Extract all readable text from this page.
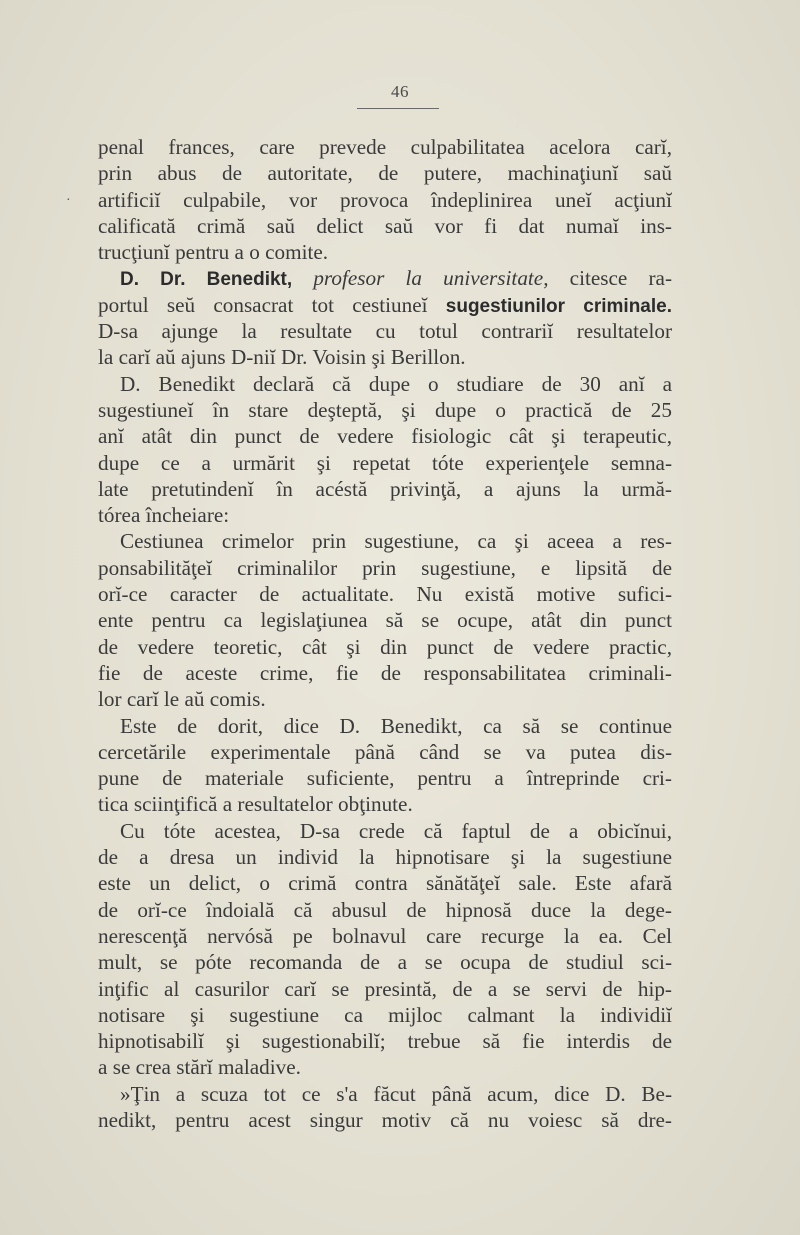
46
penal frances, care prevede culpabilitatea acelora carĭ,
prin abus de autoritate, de putere, machinaţiunĭ saŭ
artificiĭ culpabile, vor provoca îndeplinirea uneĭ acţiunĭ
calificată crimă saŭ delict saŭ vor fi dat numaĭ ins-
trucţiunĭ pentru a o comite.
D. Dr. Benedikt, profesor la universitate, citesce ra-
portul seŭ consacrat tot cestiuneĭ sugestiunilor criminale.
D-sa ajunge la resultate cu totul contrariĭ resultatelor
la carĭ aŭ ajuns D-niĭ Dr. Voisin şi Berillon.
D. Benedikt declară că dupe o studiare de 30 anĭ a
sugestiuneĭ în stare deşteptă, şi dupe o practică de 25
anĭ atât din punct de vedere fisiologic cât şi terapeutic,
dupe ce a urmărit şi repetat tóte experienţele semna-
late pretutindenĭ în acéstă privinţă, a ajuns la urmă-
tórea încheiare:
Cestiunea crimelor prin sugestiune, ca şi aceea a res-
ponsabilităţeĭ criminalilor prin sugestiune, e lipsită de
orĭ-ce caracter de actualitate. Nu există motive sufici-
ente pentru ca legislaţiunea să se ocupe, atât din punct
de vedere teoretic, cât şi din punct de vedere practic,
fie de aceste crime, fie de responsabilitatea criminali-
lor carĭ le aŭ comis.
Este de dorit, dice D. Benedikt, ca să se continue
cercetările experimentale până când se va putea dis-
pune de materiale suficiente, pentru a întreprinde cri-
tica sciinţifică a resultatelor obţinute.
Cu tóte acestea, D-sa crede că faptul de a obicĭnui,
de a dresa un individ la hipnotisare şi la sugestiune
este un delict, o crimă contra sănătăţeĭ sale. Este afară
de orĭ-ce îndoială că abusul de hipnosă duce la dege-
nerescenţă nervósă pe bolnavul care recurge la ea. Cel
mult, se póte recomanda de a se ocupa de studiul sci-
inţific al casurilor carĭ se presintă, de a se servi de hip-
notisare şi sugestiune ca mijloc calmant la individiĭ
hipnotisabilĭ şi sugestionabilĭ; trebue să fie interdis de
a se crea stărĭ maladive.
»Ţin a scuza tot ce s'a făcut până acum, dice D. Be-
nedikt, pentru acest singur motiv că nu voiesc să dre-
·
